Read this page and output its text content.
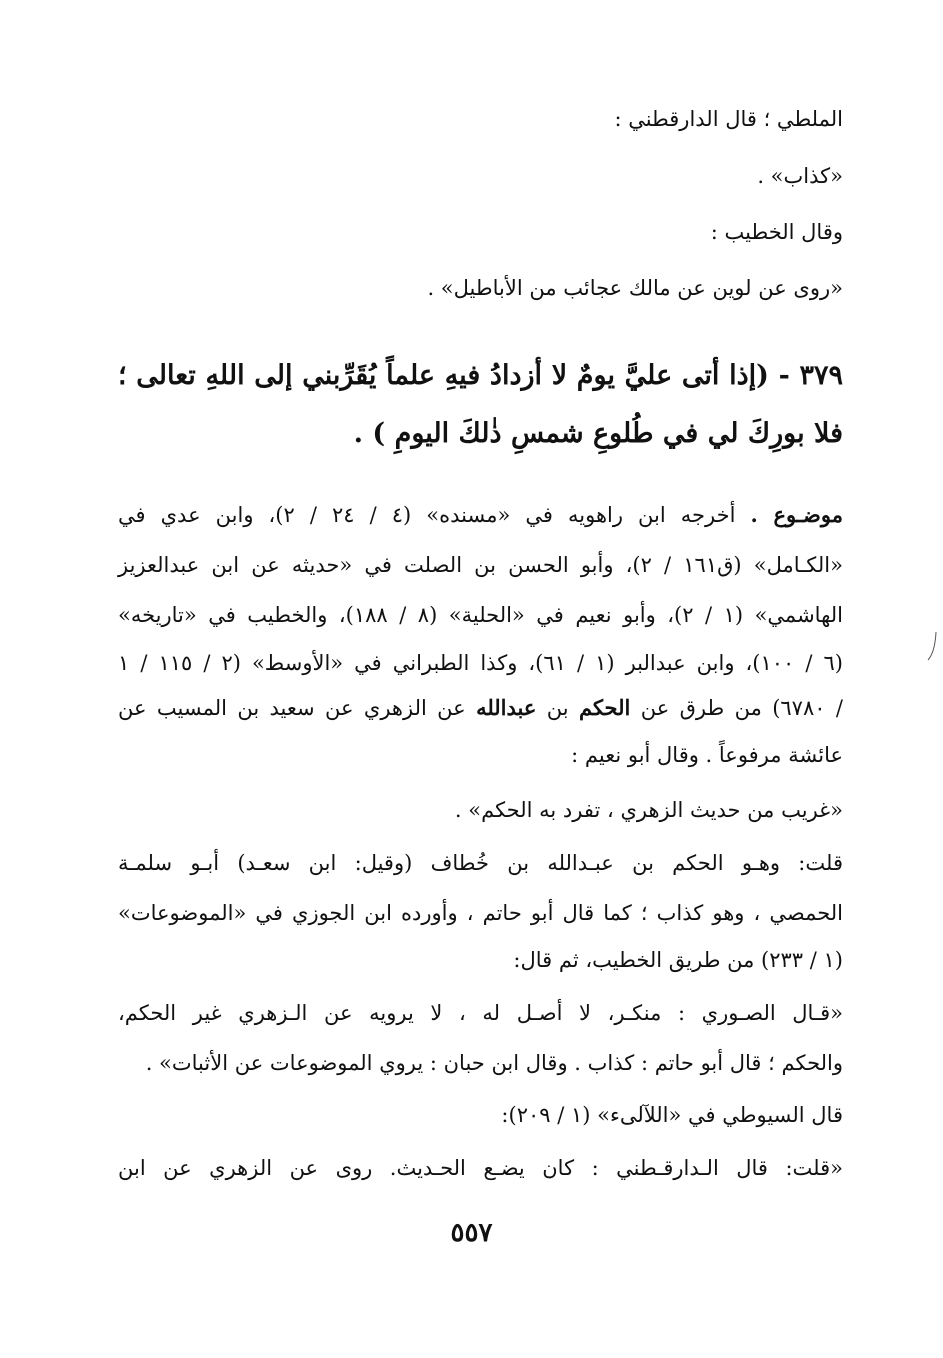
الملطي ؛ قال الدارقطني :
«كذاب» .
وقال الخطيب :
«روى عن لوين عن مالك عجائب من الأباطيل» .
٣٧٩ - (إذا أتى عليَّ يومٌ لا أزدادُ فيهِ علماً يُقَرِّبني إلى اللهِ تعالى ؛
فلا بورِكَ لي في طُلوعِ شمسِ ذٰلكَ اليومِ ) .
موضـوع . أخرجه ابن راهويه في «مسنده» (٤ / ٢٤ / ٢)، وابن عدي في
«الكـامل» (ق١٦١ / ٢)، وأبو الحسن بن الصلت في «حديثه عن ابن عبدالعزيز
الهاشمي» (١ / ٢)، وأبو نعيم في «الحلية» (٨ / ١٨٨)، والخطيب في «تاريخه»
(٦ / ١٠٠)، وابن عبدالبر (١ / ٦١)، وكذا الطبراني في «الأوسط» (٢ / ١١٥ / ١
/ ٦٧٨٠) من طرق عن الحكم بن عبدالله عن الزهري عن سعيد بن المسيب عن
عائشة مرفوعاً . وقال أبو نعيم :
«غريب من حديث الزهري ، تفرد به الحكم» .
قلت: وهـو الحكم بن عبـدالله بن خُطاف (وقيل: ابن سعـد) أبـو سلمـة
الحمصي ، وهو كذاب ؛ كما قال أبو حاتم ، وأورده ابن الجوزي في «الموضوعات»
(١ / ٢٣٣) من طريق الخطيب، ثم قال:
«قـال الصـوري : منكـر، لا أصـل له ، لا يرويه عن الـزهري غير الحكم،
والحكم ؛ قال أبو حاتم : كذاب . وقال ابن حبان : يروي الموضوعات عن الأثبات» .
قال السيوطي في «اللآلىء» (١ / ٢٠٩):
«قلت: قال الـدارقـطني : كان يضـع الحـديث. روى عن الزهري عن ابن
٥٥٧
